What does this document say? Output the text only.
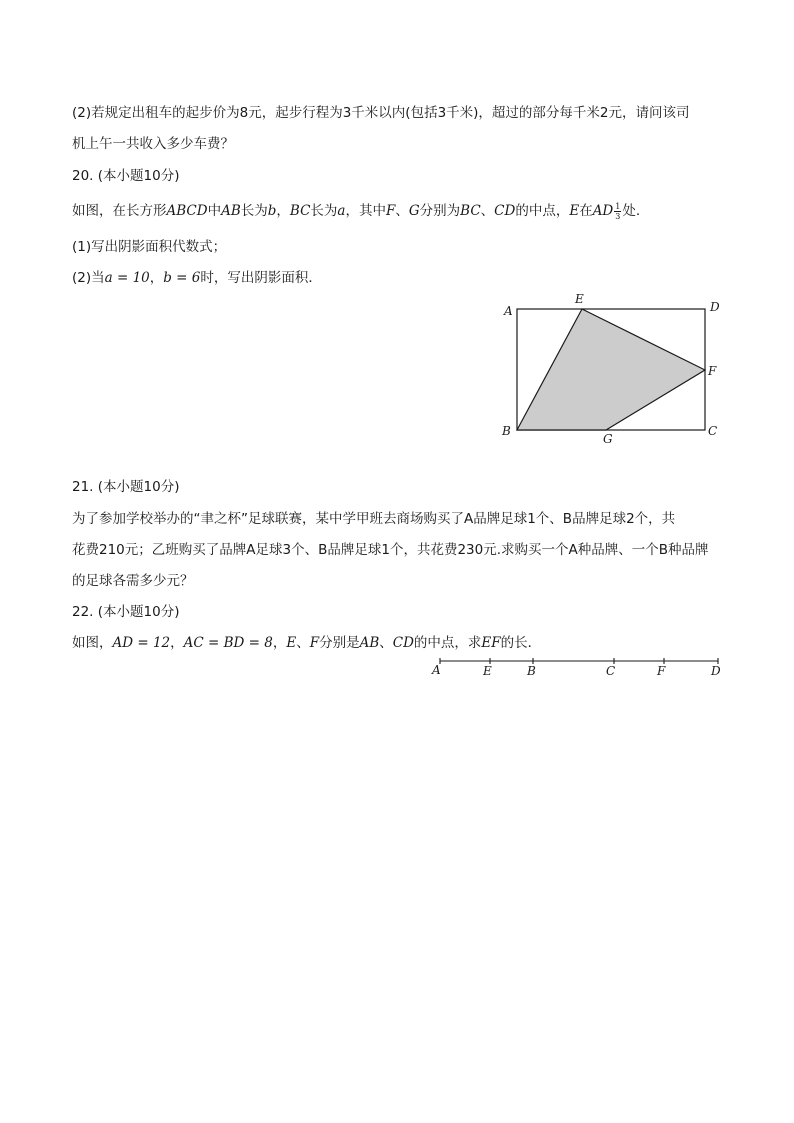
(2)若规定出租车的起步价为8元，起步行程为3千米以内(包括3千米)，超过的部分每千米2元，请问该司
机上午一共收入多少车费？
20. (本小题10分)
如图，在长方形ABCD中AB长为b，BC长为a，其中F、G分别为BC、CD的中点，E在AD $\frac{1}{3}$ 处.
(1)写出阴影面积代数式；
(2)当a = 10，b = 6时，写出阴影面积．
A
E
D
F
B
G
C
21. (本小题10分)
为了参加学校举办的“聿之杯”足球联赛，某中学甲班去商场购买了A品牌足球1个、B品牌足球2个，共
花费210元；乙班购买了品牌A足球3个、B品牌足球1个，共花费230元.求购买一个A种品牌、一个B种品牌
的足球各需多少元？
22. (本小题10分)
如图，AD = 12，AC = BD = 8，E、F分别是AB、CD的中点，求EF的长．
A	E	B	C	F	D
